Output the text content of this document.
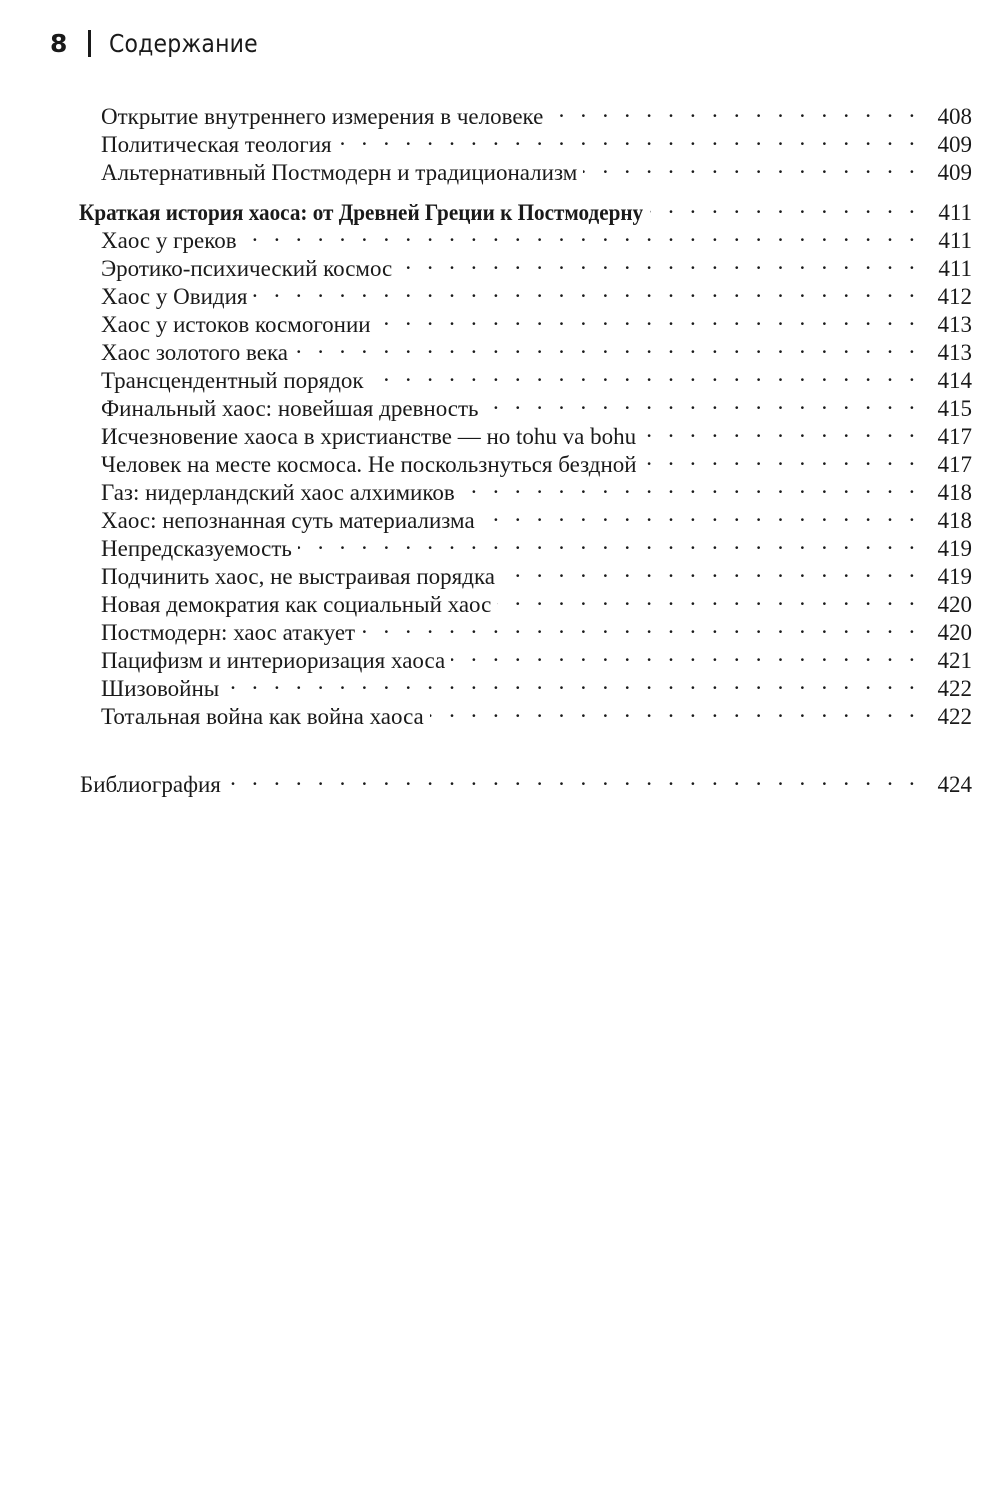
8 Содержание
Открытие внутреннего измерения в человеке . . .	408
Политическая теология . . .	409
Альтернативный Постмодерн и традиционализм . . .	409
Краткая история хаоса: от Древней Греции к Постмодерну . . .	411
Хаос у греков . . .	411
Эротико-психический космос . . .	411
Хаос у Овидия . . .	412
Хаос у истоков космогонии . . .	413
Хаос золотого века . . .	413
Трансцендентный порядок . . .	414
Финальный хаос: новейшая древность . . .	415
Исчезновение хаоса в христианстве — но tohu va bohu . . .	417
Человек на месте космоса. Не поскользнуться бездной . . .	417
Газ: нидерландский хаос алхимиков . . .	418
Хаос: непознанная суть материализма . . .	418
Непредсказуемость . . .	419
Подчинить хаос, не выстраивая порядка . . .	419
Новая демократия как социальный хаос . . .	420
Постмодерн: хаос атакует . . .	420
Пацифизм и интериоризация хаоса . . .	421
Шизовойны . . .	422
Тотальная война как война хаоса . . .	422
Библиография . . .	424
